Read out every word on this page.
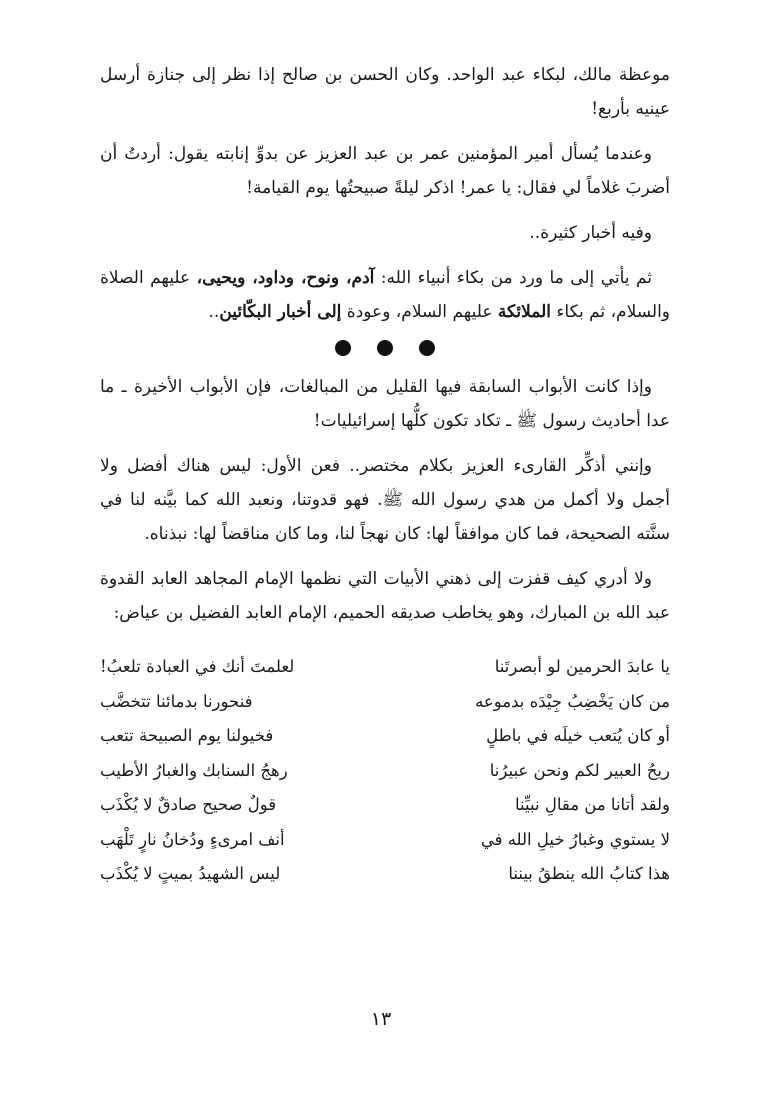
موعظة مالك، لبكاء عبد الواحد. وكان الحسن بن صالح إذا نظر إلى جنازة أرسل عينيه بأربع!

وعندما يُسأل أمير المؤمنين عمر بن عبد العزيز عن بدوِّ إنابته يقول: أردتُ أن أضربَ غلاماً لي فقال: يا عمر! اذكر ليلةً صبيحتُها يوم القيامة!

وفيه أخبار كثيرة..

ثم يأتي إلى ما ورد من بكاء أنبياء الله: آدم، ونوح، وداود، ويحيى، عليهم الصلاة والسلام، ثم بكاء الملائكة عليهم السلام، وعودة إلى أخبار البكّائين..

وإذا كانت الأبواب السابقة فيها القليل من المبالغات، فإن الأبواب الأخيرة ـ ما عدا أحاديث رسول ﷺ ـ تكاد تكون كلُّها إسرائيليات!

وإنني أذكِّر القارىء العزيز بكلام مختصر.. فعن الأول: ليس هناك أفضل ولا أجمل ولا أكمل من هدي رسول الله ﷺ. فهو قدوتنا، ونعبد الله كما بيَّنه لنا في سنَّته الصحيحة، فما كان موافقاً لها: كان نهجاً لنا، وما كان مناقضاً لها: نبذناه.

ولا أدري كيف قفزت إلى ذهني الأبيات التي نظمها الإمام المجاهد العابد القدوة عبد الله بن المبارك، وهو يخاطب صديقه الحميم، الإمام العابد الفضيل بن عياض:

يا عابدَ الحرمين لو أبصرتَنا
لعلمتَ أنك في العبادة تلعبُ!
من كان يَخْضِبُ جِيْدَه بدموعه
فنحورنا بدمائنا تتخضَّب
أو كان يُتعب خيلَه في باطلٍ
فخيولنا يوم الصبيحة تتعب
ريحُ العبير لكم ونحن عبيرُنا
رهجُ السنابك والغبارُ الأطيب
ولقد أتانا من مقالِ نبيِّنا
قولٌ صحيح صادقٌ لا يُكْذَب
لا يستوي وغبارُ خيلِ الله في
أنف امرىءٍ ودُخانُ نارٍ تَلْهَب
هذا كتابُ الله ينطقُ بيننا
ليس الشهيدُ بميتٍ لا يُكْذَب
١٣
